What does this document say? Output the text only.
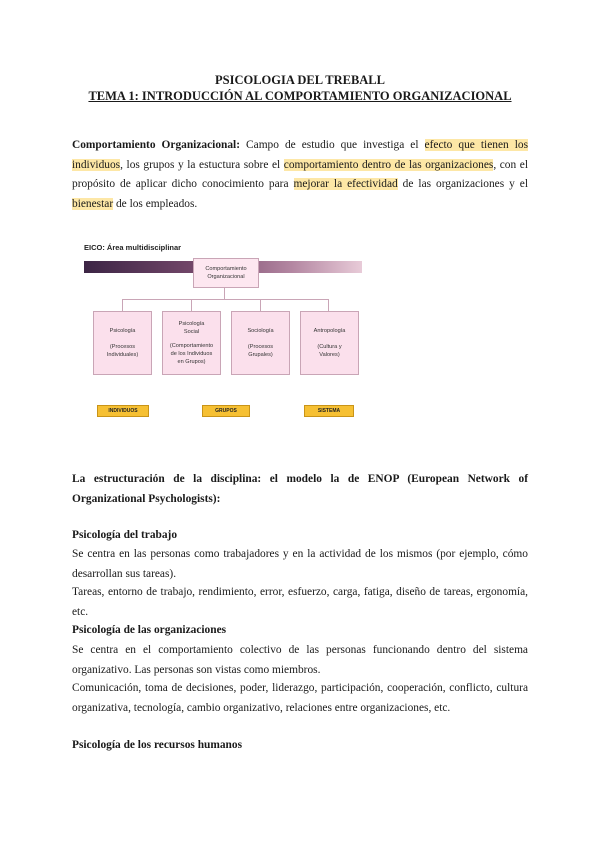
PSICOLOGIA DEL TREBALL
TEMA 1: INTRODUCCIÓN AL COMPORTAMIENTO ORGANIZACIONAL
Comportamiento Organizacional: Campo de estudio que investiga el efecto que tienen los individuos, los grupos y la estuctura sobre el comportamiento dentro de las organizaciones, con el propósito de aplicar dicho conocimiento para mejorar la efectividad de las organizaciones y el bienestar de los empleados.
EICO: Área multidisciplinar
Comportamiento
Organizacional
Psicología
(Procesos
Individuales)
Psicología
Social
(Comportamiento
de los Individuos
en Grupos)
Sociología
(Procesos
Grupales)
Antropología
(Cultura y
Valores)
INDIVIDUOS	GRUPOS	SISTEMA
La estructuración de la disciplina: el modelo la de ENOP (European Network of Organizational Psychologists):
Psicología del trabajo
Se centra en las personas como trabajadores y en la actividad de los mismos (por ejemplo, cómo desarrollan sus tareas).
Tareas, entorno de trabajo, rendimiento, error, esfuerzo, carga, fatiga, diseño de tareas, ergonomía, etc.
Psicología de las organizaciones
Se centra en el comportamiento colectivo de las personas funcionando dentro del sistema organizativo. Las personas son vistas como miembros.
Comunicación, toma de decisiones, poder, liderazgo, participación, cooperación, conflicto, cultura organizativa, tecnología, cambio organizativo, relaciones entre organizaciones, etc.
Psicología de los recursos humanos
